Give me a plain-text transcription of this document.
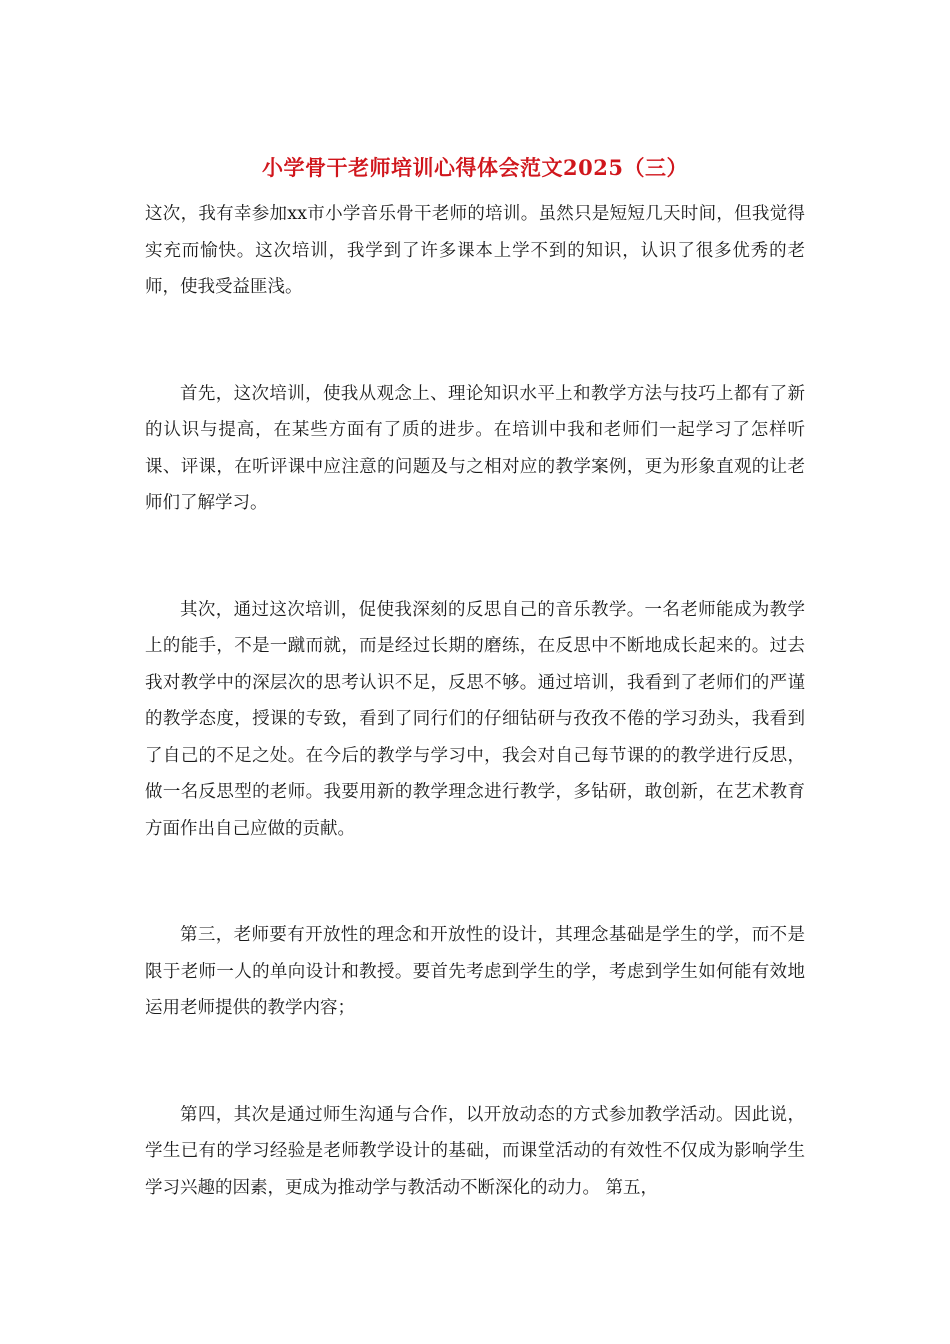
小学骨干老师培训心得体会范文2025（三）

这次，我有幸参加xx市小学音乐骨干老师的培训。虽然只是短短几天时间，但我觉得实充而愉快。这次培训，我学到了许多课本上学不到的知识，认识了很多优秀的老师，使我受益匪浅。

首先，这次培训，使我从观念上、理论知识水平上和教学方法与技巧上都有了新的认识与提高，在某些方面有了质的进步。在培训中我和老师们一起学习了怎样听课、评课，在听评课中应注意的问题及与之相对应的教学案例，更为形象直观的让老师们了解学习。

其次，通过这次培训，促使我深刻的反思自己的音乐教学。一名老师能成为教学上的能手，不是一蹴而就，而是经过长期的磨练，在反思中不断地成长起来的。过去我对教学中的深层次的思考认识不足，反思不够。通过培训，我看到了老师们的严谨的教学态度，授课的专致，看到了同行们的仔细钻研与孜孜不倦的学习劲头，我看到了自己的不足之处。在今后的教学与学习中，我会对自己每节课的的教学进行反思，做一名反思型的老师。我要用新的教学理念进行教学，多钻研，敢创新，在艺术教育方面作出自己应做的贡献。

第三，老师要有开放性的理念和开放性的设计，其理念基础是学生的学，而不是限于老师一人的单向设计和教授。要首先考虑到学生的学，考虑到学生如何能有效地运用老师提供的教学内容；

第四，其次是通过师生沟通与合作，以开放动态的方式参加教学活动。因此说，学生已有的学习经验是老师教学设计的基础，而课堂活动的有效性不仅成为影响学生学习兴趣的因素，更成为推动学与教活动不断深化的动力。 第五，
